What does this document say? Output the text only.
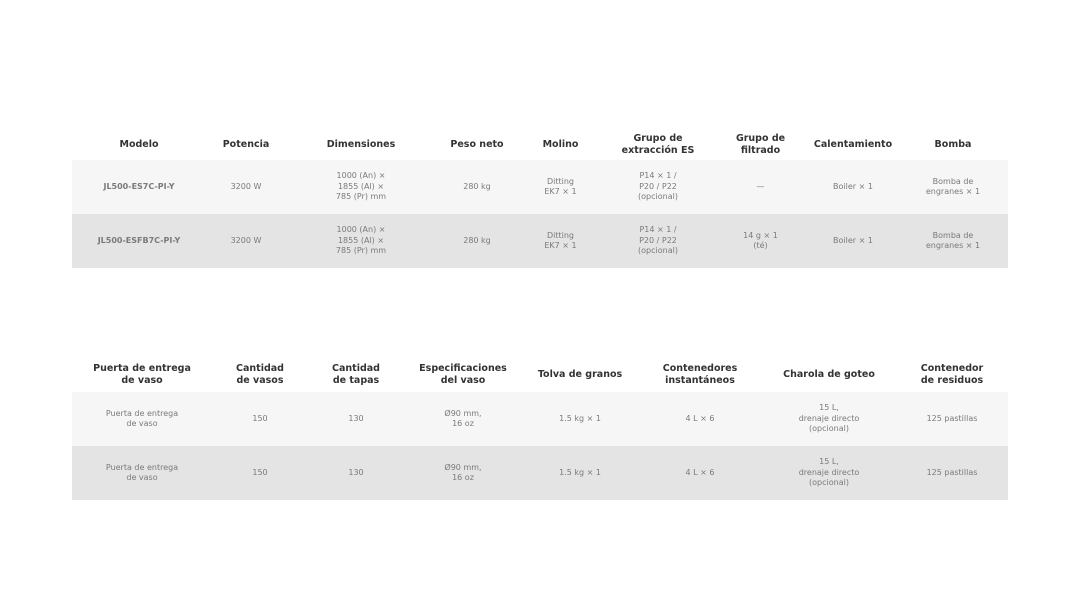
Modelo	Potencia	Dimensiones	Peso neto	Molino	Grupo de
extracción ES	Grupo de
filtrado	Calentamiento	Bomba
JL500-ES7C-PI-Y	3200 W	1000 (An) ×
1855 (Al) ×
785 (Pr) mm	280 kg	Ditting
EK7 × 1	P14 × 1 /
P20 / P22
(opcional)	—	Boiler × 1	Bomba de
engranes × 1
JL500-ESFB7C-PI-Y	3200 W	1000 (An) ×
1855 (Al) ×
785 (Pr) mm	280 kg	Ditting
EK7 × 1	P14 × 1 /
P20 / P22
(opcional)	14 g × 1
(té)	Boiler × 1	Bomba de
engranes × 1
Puerta de entrega
de vaso	Cantidad
de vasos	Cantidad
de tapas	Especificaciones
del vaso	Tolva de granos	Contenedores
instantáneos	Charola de goteo	Contenedor
de residuos
Puerta de entrega
de vaso	150	130	Ø90 mm,
16 oz	1.5 kg × 1	4 L × 6	15 L,
drenaje directo
(opcional)	125 pastillas
Puerta de entrega
de vaso	150	130	Ø90 mm,
16 oz	1.5 kg × 1	4 L × 6	15 L,
drenaje directo
(opcional)	125 pastillas
